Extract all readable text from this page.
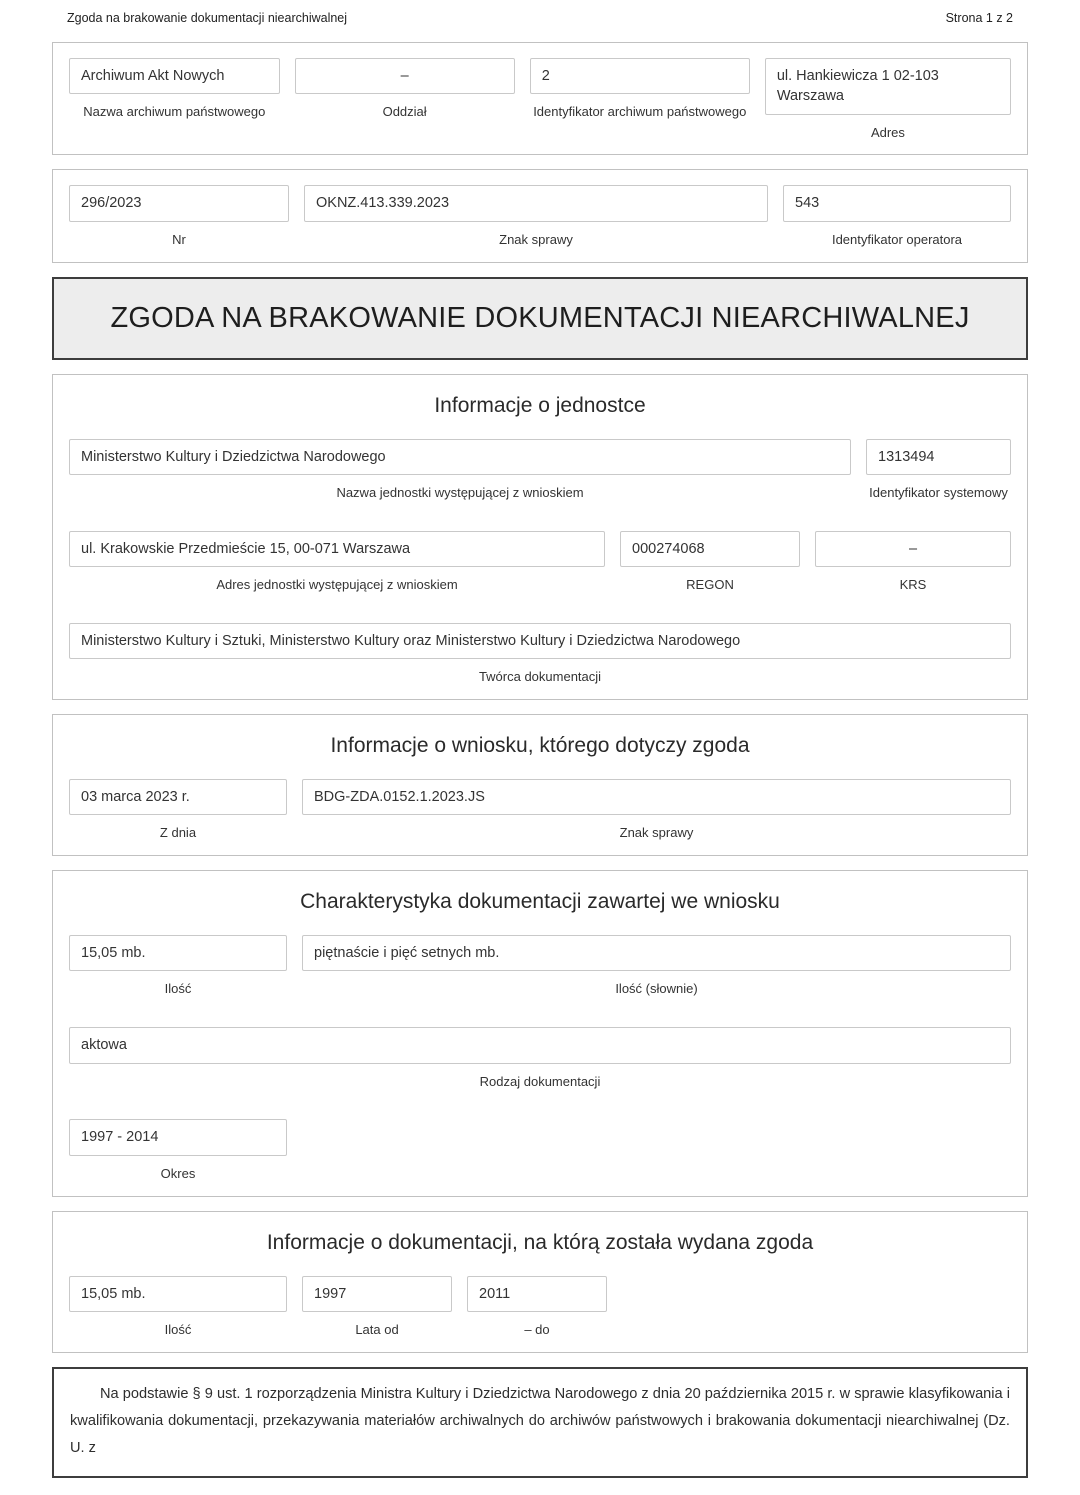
Zgoda na brakowanie dokumentacji niearchiwalnej	Strona 1 z 2
Archiwum Akt Nowych
Nazwa archiwum państwowego
–
Oddział
2
Identyfikator archiwum państwowego
ul. Hankiewicza 1 02-103 Warszawa
Adres
296/2023
Nr
OKNZ.413.339.2023
Znak sprawy
543
Identyfikator operatora
ZGODA NA BRAKOWANIE DOKUMENTACJI NIEARCHIWALNEJ
Informacje o jednostce
Ministerstwo Kultury i Dziedzictwa Narodowego
Nazwa jednostki występującej z wnioskiem
1313494
Identyfikator systemowy
ul. Krakowskie Przedmieście 15, 00-071 Warszawa
Adres jednostki występującej z wnioskiem
000274068
REGON
–
KRS
Ministerstwo Kultury i Sztuki, Ministerstwo Kultury oraz Ministerstwo Kultury i Dziedzictwa Narodowego
Twórca dokumentacji
Informacje o wniosku, którego dotyczy zgoda
03 marca 2023 r.
Z dnia
BDG-ZDA.0152.1.2023.JS
Znak sprawy
Charakterystyka dokumentacji zawartej we wniosku
15,05 mb.
Ilość
piętnaście i pięć setnych mb.
Ilość (słownie)
aktowa
Rodzaj dokumentacji
1997 - 2014
Okres
Informacje o dokumentacji, na którą została wydana zgoda
15,05 mb.
Ilość
1997
Lata od
2011
– do

Na podstawie § 9 ust. 1 rozporządzenia Ministra Kultury i Dziedzictwa Narodowego z dnia 20 października 2015 r. w sprawie klasyfikowania i kwalifikowania dokumentacji, przekazywania materiałów archiwalnych do archiwów państwowych i brakowania dokumentacji niearchiwalnej (Dz. U. z
